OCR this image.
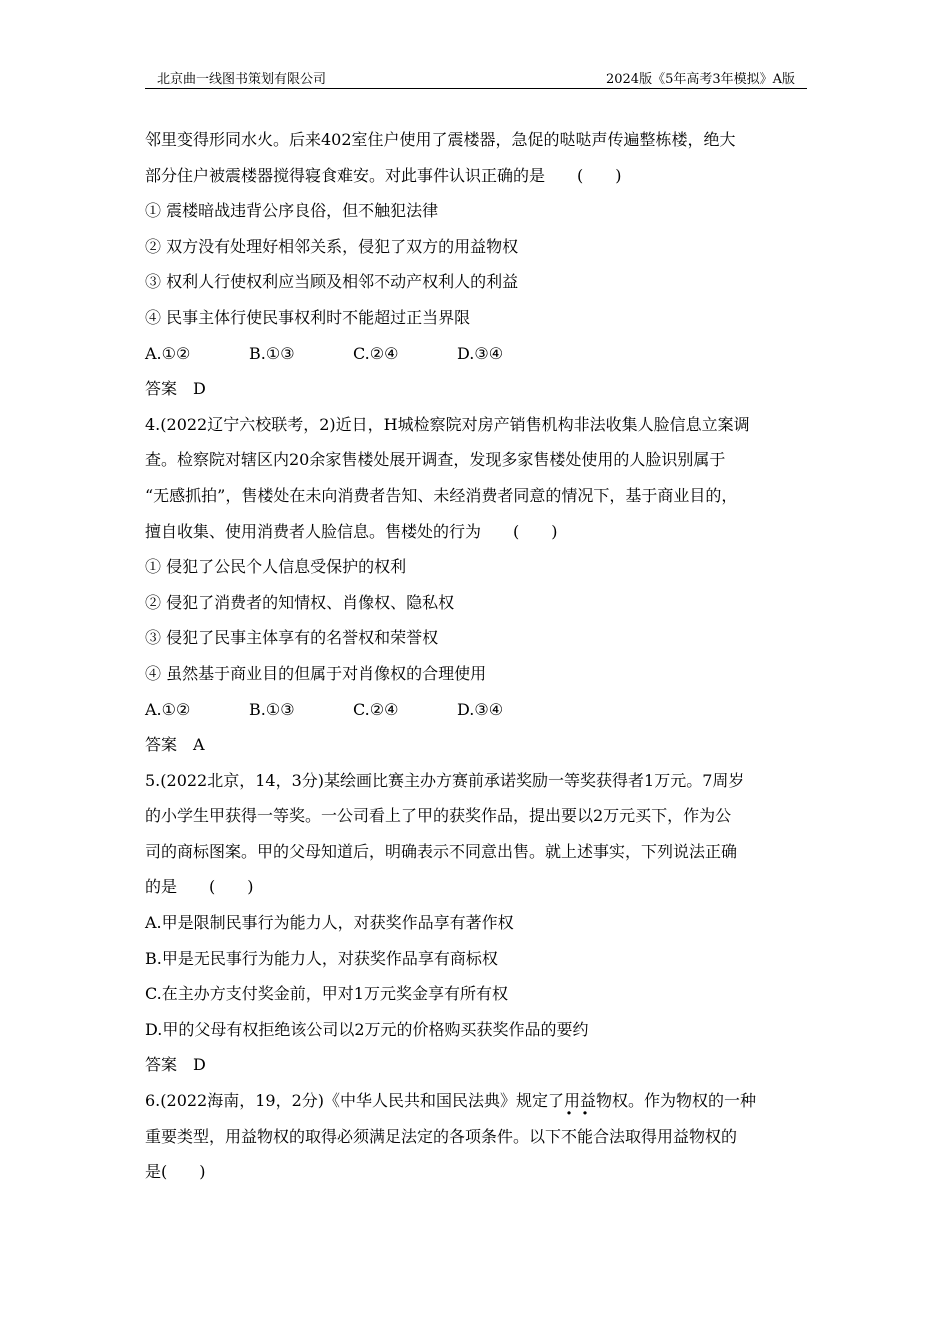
北京曲一线图书策划有限公司	2024版《5年高考3年模拟》A版
邻里变得形同水火。后来402室住户使用了震楼器，急促的哒哒声传遍整栋楼，绝大
部分住户被震楼器搅得寝食难安。对此事件认识正确的是　　(　　)
① 震楼暗战违背公序良俗，但不触犯法律
② 双方没有处理好相邻关系，侵犯了双方的用益物权
③ 权利人行使权利应当顾及相邻不动产权利人的利益
④ 民事主体行使民事权利时不能超过正当界限
A.①②	B.①③	C.②④	D.③④
答案　D
4.(2022辽宁六校联考，2)近日，H城检察院对房产销售机构非法收集人脸信息立案调
查。检察院对辖区内20余家售楼处展开调查，发现多家售楼处使用的人脸识别属于
“无感抓拍”，售楼处在未向消费者告知、未经消费者同意的情况下，基于商业目的，
擅自收集、使用消费者人脸信息。售楼处的行为　　(　　)
① 侵犯了公民个人信息受保护的权利
② 侵犯了消费者的知情权、肖像权、隐私权
③ 侵犯了民事主体享有的名誉权和荣誉权
④ 虽然基于商业目的但属于对肖像权的合理使用
A.①②	B.①③	C.②④	D.③④
答案　A
5.(2022北京，14，3分)某绘画比赛主办方赛前承诺奖励一等奖获得者1万元。7周岁
的小学生甲获得一等奖。一公司看上了甲的获奖作品，提出要以2万元买下，作为公
司的商标图案。甲的父母知道后，明确表示不同意出售。就上述事实，下列说法正确
的是　　(　　)
A.甲是限制民事行为能力人，对获奖作品享有著作权
B.甲是无民事行为能力人，对获奖作品享有商标权
C.在主办方支付奖金前，甲对1万元奖金享有所有权
D.甲的父母有权拒绝该公司以2万元的价格购买获奖作品的要约
答案　D
6.(2022海南，19，2分)《中华人民共和国民法典》规定了用益物权。作为物权的一种
重要类型，用益物权的取得必须满足法定的各项条件。以下不能合法取得用益物权的
是(　　)
